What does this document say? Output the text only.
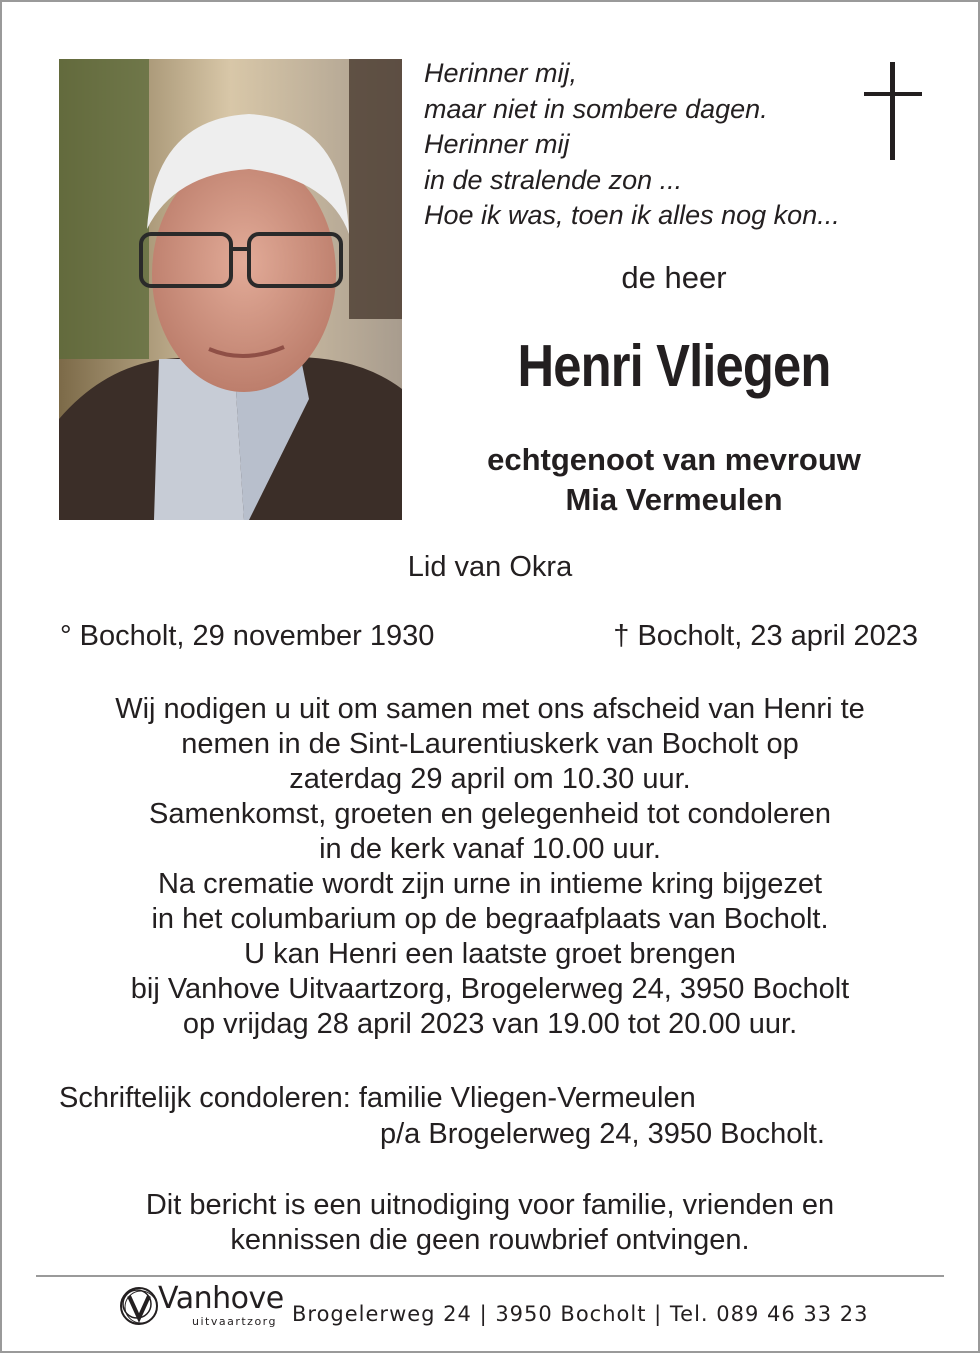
Herinner mij,
maar niet in sombere dagen.
Herinner mij
in de stralende zon ...
Hoe ik was, toen ik alles nog kon...
de heer
Henri Vliegen
echtgenoot van mevrouw
Mia Vermeulen
Lid van Okra
° Bocholt, 29 november 1930	† Bocholt, 23 april 2023
Wij nodigen u uit om samen met ons afscheid van Henri te
nemen in de Sint-Laurentiuskerk van Bocholt op
zaterdag 29 april om 10.30 uur.
Samenkomst, groeten en gelegenheid tot condoleren
in de kerk vanaf 10.00 uur.
Na crematie wordt zijn urne in intieme kring bijgezet
in het columbarium op de begraafplaats van Bocholt.
U kan Henri een laatste groet brengen
bij Vanhove Uitvaartzorg, Brogelerweg 24, 3950 Bocholt
op vrijdag 28 april 2023 van 19.00 tot 20.00 uur.
Schriftelijk condoleren: familie Vliegen-Vermeulen
p/a Brogelerweg 24, 3950 Bocholt.
Dit bericht is een uitnodiging voor familie, vrienden en
kennissen die geen rouwbrief ontvingen.
Vanhove
uitvaartzorg Brogelerweg 24 | 3950 Bocholt | Tel. 089 46 33 23
